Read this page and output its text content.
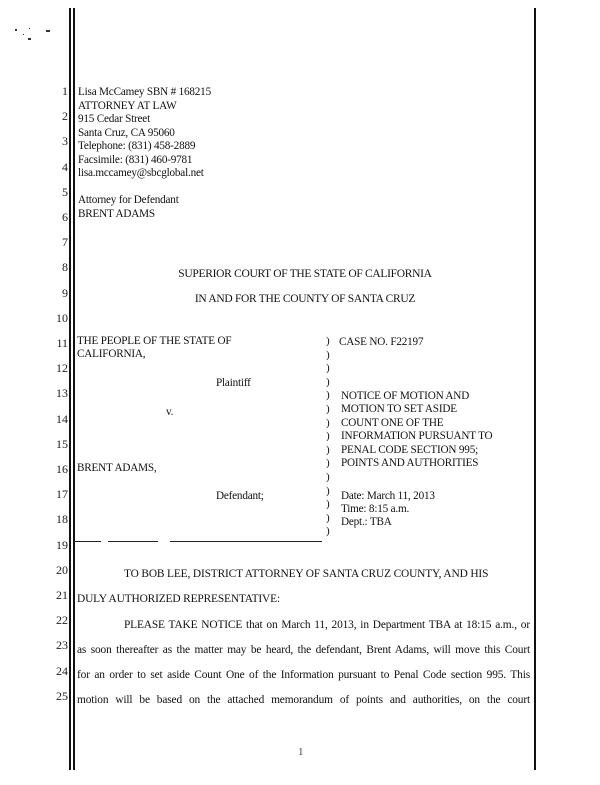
1
2
3
4
5
6
7
8
9
10
11
12
13
14
15
16
17
18
19
20
21
22
23
24
25
Lisa McCamey SBN # 168215
ATTORNEY AT LAW
915 Cedar Street
Santa Cruz, CA 95060
Telephone: (831) 458-2889
Facsimile: (831) 460-9781
lisa.mccamey@sbcglobal.net
Attorney for Defendant
BRENT ADAMS
SUPERIOR COURT OF THE STATE OF CALIFORNIA
IN AND FOR THE COUNTY OF SANTA CRUZ
THE PEOPLE OF THE STATE OF
CALIFORNIA,
Plaintiff
v.
BRENT ADAMS,
Defendant;
)
)
)
)
)
)
)
)
)
)
)
)
)
)
)
CASE NO. F22197
NOTICE OF MOTION AND
MOTION TO SET ASIDE
COUNT ONE OF THE
INFORMATION PURSUANT TO
PENAL CODE SECTION 995;
POINTS AND AUTHORITIES
Date: March 11, 2013
Time: 8:15 a.m.
Dept.: TBA
TO BOB LEE, DISTRICT ATTORNEY OF SANTA CRUZ COUNTY, AND HIS
DULY AUTHORIZED REPRESENTATIVE:
PLEASE TAKE NOTICE that on March 11, 2013, in Department TBA at 18:15 a.m., or
as soon thereafter as the matter may be heard, the defendant, Brent Adams, will move this Court
for an order to set aside Count One of the Information pursuant to Penal Code section 995. This
motion will be based on the attached memorandum of points and authorities, on the court
1
